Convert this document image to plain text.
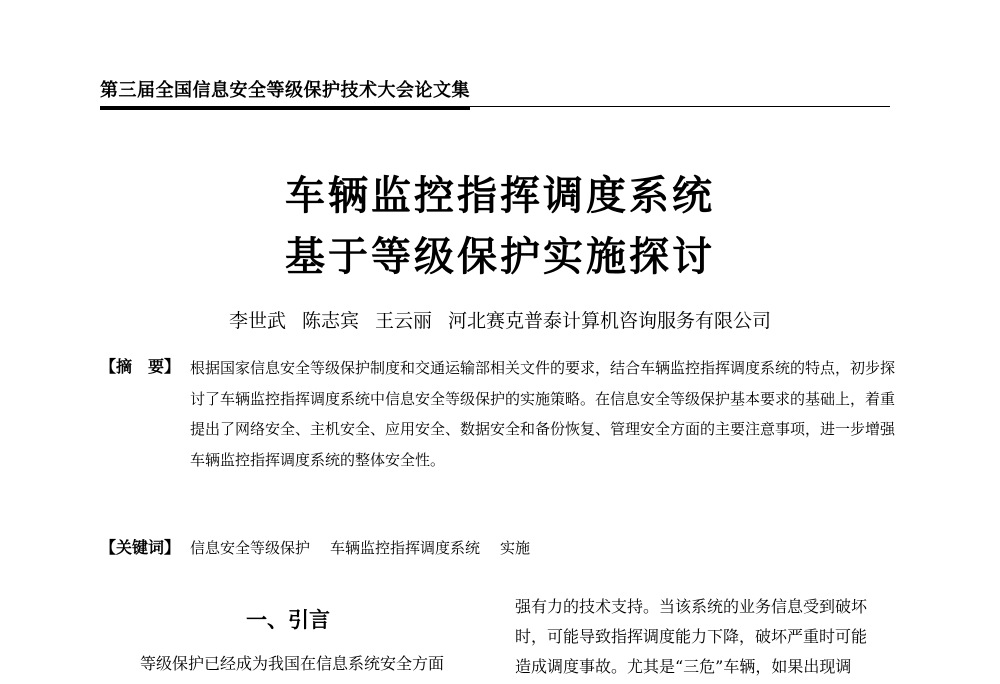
第三届全国信息安全等级保护技术大会论文集
车辆监控指挥调度系统
基于等级保护实施探讨
李世武 陈志宾 王云丽 河北赛克普泰计算机咨询服务有限公司
【摘　要】 根据国家信息安全等级保护制度和交通运输部相关文件的要求，结合车辆监控指挥调度系统的特点，初步探讨了车辆监控指挥调度系统中信息安全等级保护的实施策略。在信息安全等级保护基本要求的基础上，着重提出了网络安全、主机安全、应用安全、数据安全和备份恢复、管理安全方面的主要注意事项，进一步增强车辆监控指挥调度系统的整体安全性。
【关键词】 信息安全等级保护 车辆监控指挥调度系统 实施
一、引言
等级保护已经成为我国在信息系统安全方面
强有力的技术支持。当该系统的业务信息受到破坏
时，可能导致指挥调度能力下降，破坏严重时可能
造成调度事故。尤其是“三危”车辆，如果出现调
